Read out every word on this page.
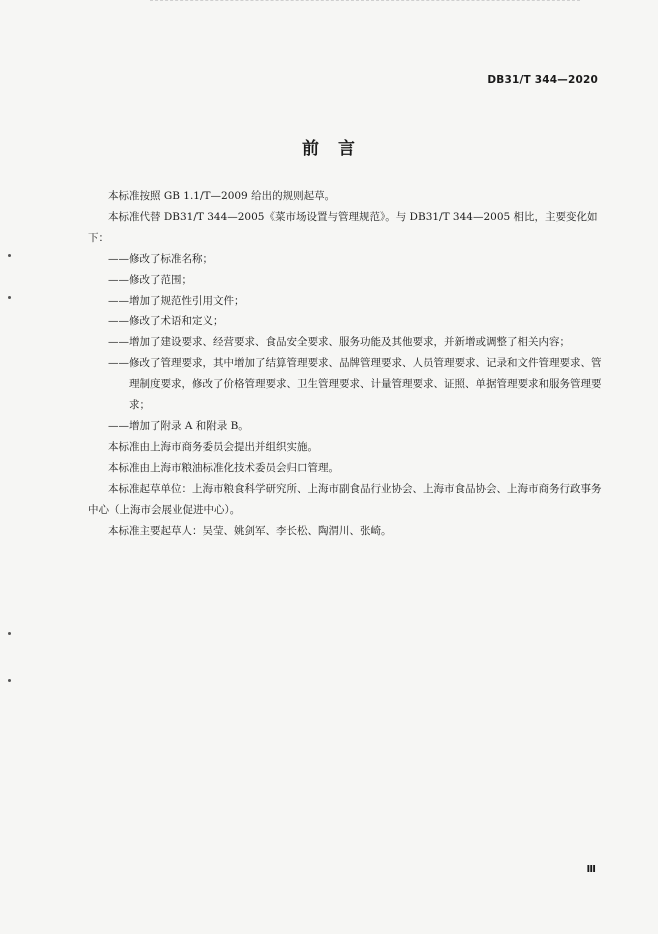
DB31/T 344—2020
前　言

本标准按照 GB 1.1/T—2009 给出的规则起草。

本标准代替 DB31/T 344—2005《菜市场设置与管理规范》。与 DB31/T 344—2005 相比，主要变化如下：

—— 修改了标准名称；

—— 修改了范围；

—— 增加了规范性引用文件；

—— 修改了术语和定义；

—— 增加了建设要求、经营要求、食品安全要求、服务功能及其他要求，并新增或调整了相关内容；

—— 修改了管理要求，其中增加了结算管理要求、品牌管理要求、人员管理要求、记录和文件管理要求、管理制度要求，修改了价格管理要求、卫生管理要求、计量管理要求、证照、单据管理要求和服务管理要求；

—— 增加了附录 A 和附录 B。

本标准由上海市商务委员会提出并组织实施。

本标准由上海市粮油标准化技术委员会归口管理。

本标准起草单位：上海市粮食科学研究所、上海市副食品行业协会、上海市食品协会、上海市商务行政事务中心（上海市会展业促进中心）。

本标准主要起草人：吴莹、姚剑军、李长松、陶渭川、张崎。

Ⅲ
